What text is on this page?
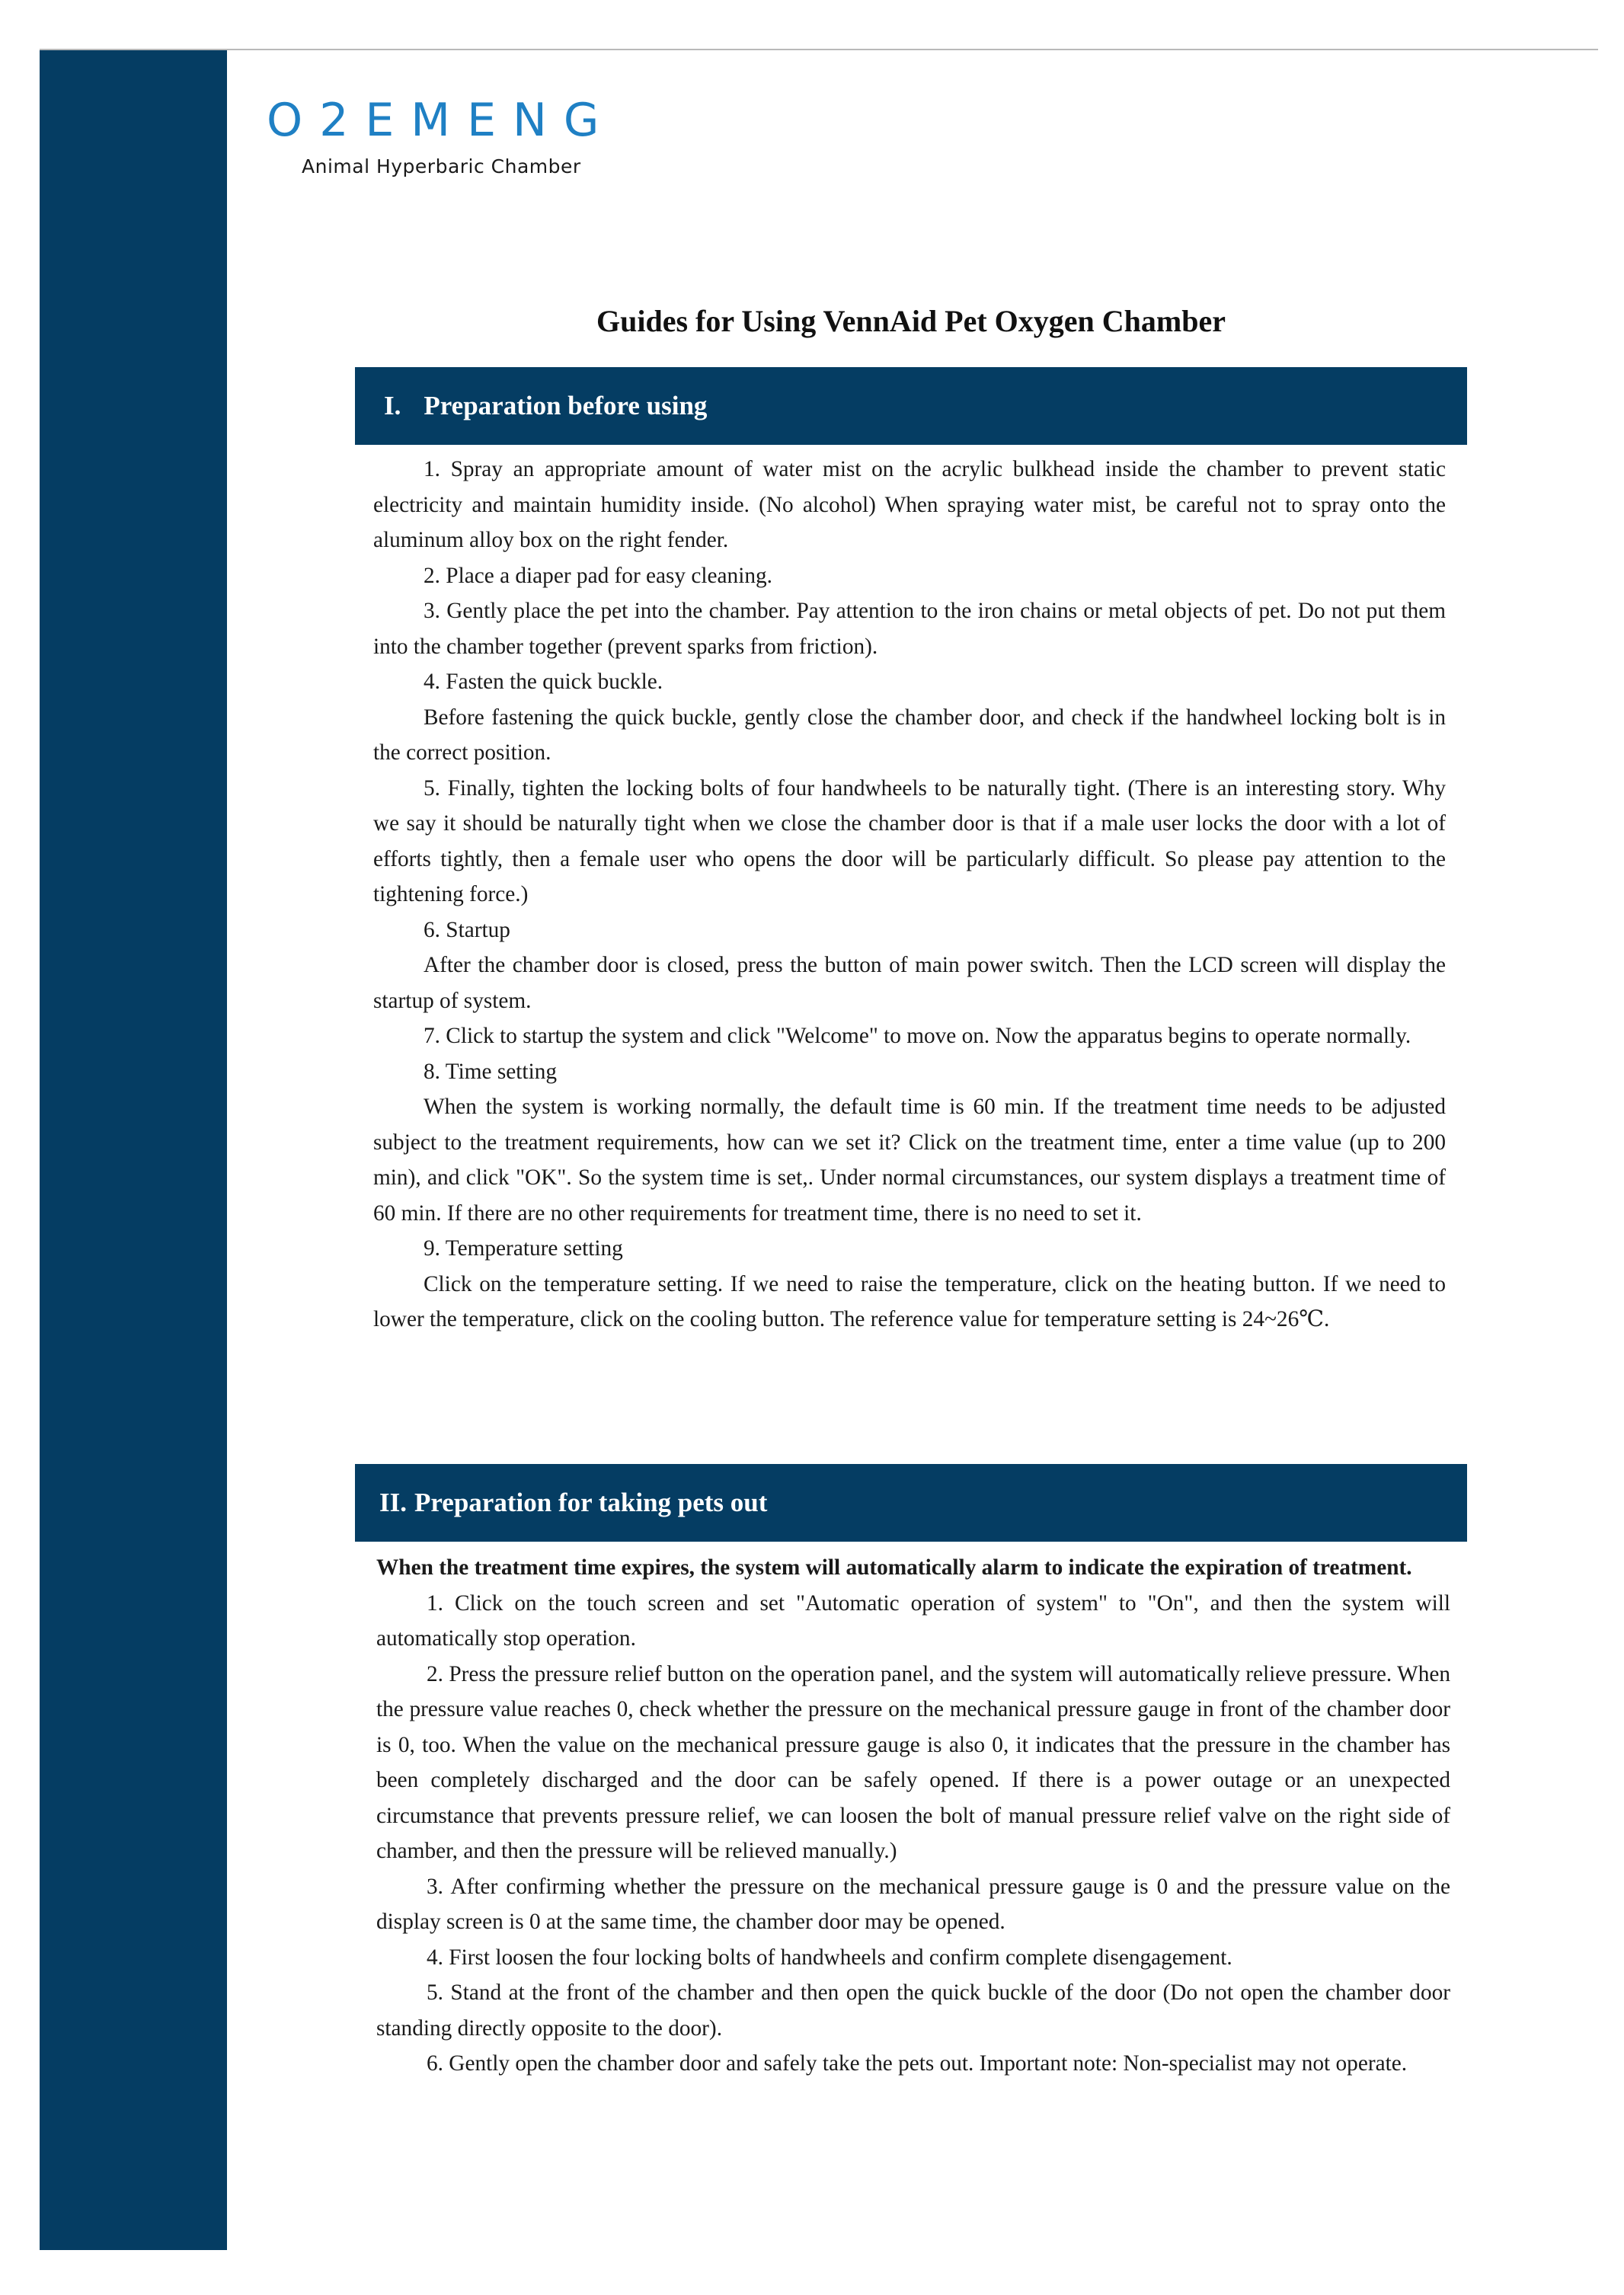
O2EMENG
Animal Hyperbaric Chamber
Guides for Using VennAid Pet Oxygen Chamber
I. Preparation before using

1. Spray an appropriate amount of water mist on the acrylic bulkhead inside the chamber to prevent static electricity and maintain humidity inside. (No alcohol) When spraying water mist, be careful not to spray onto the aluminum alloy box on the right fender.

2. Place a diaper pad for easy cleaning.

3. Gently place the pet into the chamber. Pay attention to the iron chains or metal objects of pet. Do not put them into the chamber together (prevent sparks from friction).

4. Fasten the quick buckle.

Before fastening the quick buckle, gently close the chamber door, and check if the handwheel locking bolt is in the correct position.

5. Finally, tighten the locking bolts of four handwheels to be naturally tight. (There is an interesting story. Why we say it should be naturally tight when we close the chamber door is that if a male user locks the door with a lot of efforts tightly, then a female user who opens the door will be particularly difficult. So please pay attention to the tightening force.)

6. Startup

After the chamber door is closed, press the button of main power switch. Then the LCD screen will display the startup of system.

7. Click to startup the system and click "Welcome" to move on. Now the apparatus begins to operate normally.

8. Time setting

When the system is working normally, the default time is 60 min. If the treatment time needs to be adjusted subject to the treatment requirements, how can we set it? Click on the treatment time, enter a time value (up to 200 min), and click "OK". So the system time is set,. Under normal circumstances, our system displays a treatment time of 60 min. If there are no other requirements for treatment time, there is no need to set it.

9. Temperature setting

Click on the temperature setting. If we need to raise the temperature, click on the heating button. If we need to lower the temperature, click on the cooling button. The reference value for temperature setting is 24~26℃.

II. Preparation for taking pets out

When the treatment time expires, the system will automatically alarm to indicate the expiration of treatment.

1. Click on the touch screen and set "Automatic operation of system" to "On", and then the system will automatically stop operation.

2. Press the pressure relief button on the operation panel, and the system will automatically relieve pressure. When the pressure value reaches 0, check whether the pressure on the mechanical pressure gauge in front of the chamber door is 0, too. When the value on the mechanical pressure gauge is also 0, it indicates that the pressure in the chamber has been completely discharged and the door can be safely opened. If there is a power outage or an unexpected circumstance that prevents pressure relief, we can loosen the bolt of manual pressure relief valve on the right side of chamber, and then the pressure will be relieved manually.)

3. After confirming whether the pressure on the mechanical pressure gauge is 0 and the pressure value on the display screen is 0 at the same time, the chamber door may be opened.

4. First loosen the four locking bolts of handwheels and confirm complete disengagement.

5. Stand at the front of the chamber and then open the quick buckle of the door (Do not open the chamber door standing directly opposite to the door).

6. Gently open the chamber door and safely take the pets out. Important note: Non-specialist may not operate.
